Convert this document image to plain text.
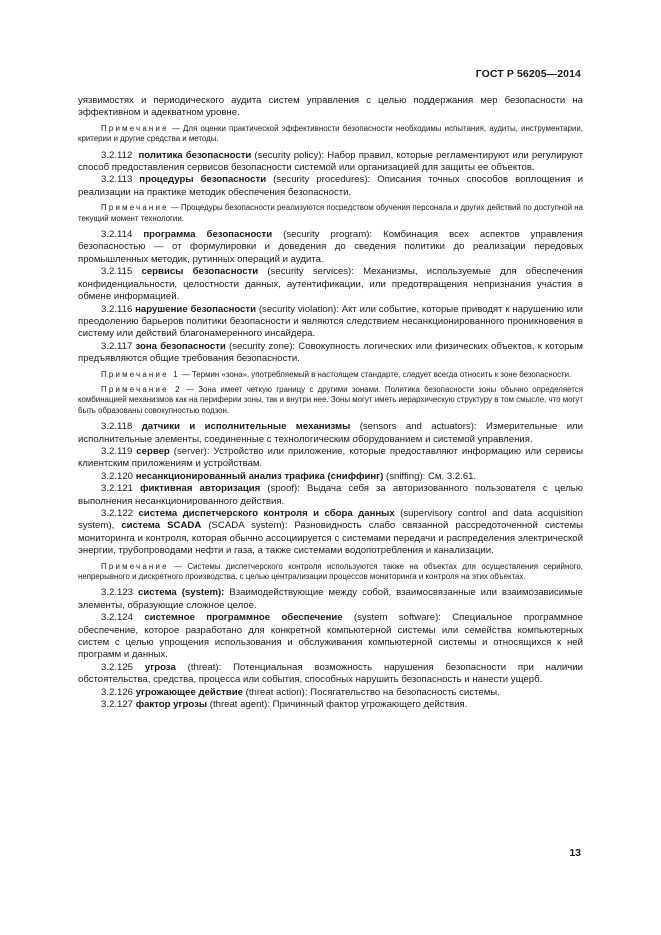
ГОСТ Р 56205—2014

уязвимостях и периодического аудита систем управления с целью поддержания мер безопасности на эффективном и адекватном уровне.

Примечание — Для оценки практической эффективности безопасности необходимы испытания, аудиты, инструментарии, критерии и другие средства и методы.

3.2.112  политика безопасности (security policy): Набор правил, которые регламентируют или регулируют способ предоставления сервисов безопасности системой или организацией для защиты ее объектов.

3.2.113 процедуры безопасности (security procedures): Описания точных способов воплощения и реализации на практике методик обеспечения безопасности.

Примечание — Процедуры безопасности реализуются посредством обучения персонала и других действий по доступной на текущий момент технологии.

3.2.114 программа безопасности (security program): Комбинация всех аспектов управления безопасностью — от формулировки и доведения до сведения политики до реализации передовых промышленных методик, рутинных операций и аудита.

3.2.115 сервисы безопасности (security services): Механизмы, используемые для обеспечения конфиденциальности, целостности данных, аутентификации, или предотвращения непризнания участия в обмене информацией.

3.2.116 нарушение безопасности (security violation): Акт или событие, которые приводят к нарушению или преодолению барьеров политики безопасности и являются следствием несанкционированного проникновения в систему или действий благонамеренного инсайдера.

3.2.117 зона безопасности (security zone): Совокупность логических или физических объектов, к которым предъявляются общие требования безопасности.

Примечание 1 — Термин «зона», употребляемый в настоящем стандарте, следует всегда относить к зоне безопасности.

Примечание 2 — Зона имеет четкую границу с другими зонами. Политика безопасности зоны обычно определяется комбинацией механизмов как на периферии зоны, так и внутри нее. Зоны могут иметь иерархическую структуру в том смысле, что могут быть образованы совокупностью подзон.

3.2.118 датчики и исполнительные механизмы (sensors and actuators): Измерительные или исполнительные элементы, соединенные с технологическим оборудованием и системой управления.

3.2.119 сервер (server): Устройство или приложение, которые предоставляют информацию или сервисы клиентским приложениям и устройствам.

3.2.120 несанкционированный анализ трафика (сниффинг) (sniffing): См. 3.2.61.

3.2.121 фиктивная авторизация (spoof): Выдача себя за авторизованного пользователя с целью выполнения несанкционированного действия.

3.2.122 система диспетчерского контроля и сбора данных (supervisory control and data acquisition system), система SCADA (SCADA system): Разновидность слабо связанной рассредоточенной системы мониторинга и контроля, которая обычно ассоциируется с системами передачи и распределения электрической энергии, трубопроводами нефти и газа, а также системами водопотребления и канализации.

Примечание — Системы диспетчерского контроля используются также на объектах для осуществления серийного, непрерывного и дискретного производства, с целью централизации процессов мониторинга и контроля на этих объектах.

3.2.123 система (system): Взаимодействующие между собой, взаимосвязанные или взаимозависимые элементы, образующие сложное целое.

3.2.124 системное программное обеспечение (system software): Специальное программное обеспечение, которое разработано для конкретной компьютерной системы или семейства компьютерных систем с целью упрощения использования и обслуживания компьютерной системы и относящихся к ней программ и данных.

3.2.125 угроза (threat): Потенциальная возможность нарушения безопасности при наличии обстоятельства, средства, процесса или события, способных нарушить безопасность и нанести ущерб.

3.2.126 угрожающее действие (threat action): Посягательство на безопасность системы.

3.2.127 фактор угрозы (threat agent): Причинный фактор угрожающего действия.

13
